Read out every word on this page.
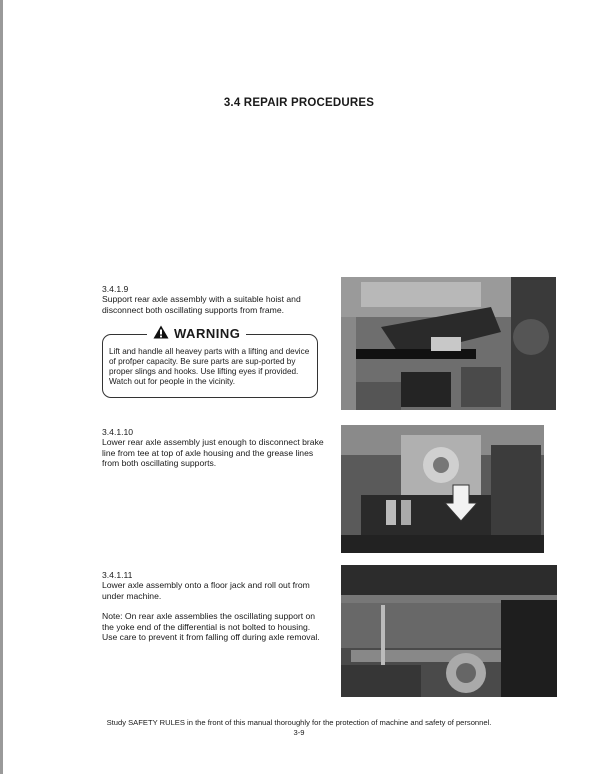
3.4 REPAIR PROCEDURES
3.4.1.9

Support rear axle assembly with a suitable hoist and disconnect both oscillating supports from frame.

WARNING
Lift and handle all heavey parts with a lifting and device of profper capacity. Be sure parts are sup-ported by proper slings and hooks. Use lifting eyes if provided. Watch out for people in the vicinity.
3.4.1.10

Lower rear axle assembly just enough to disconnect brake line from tee at top of axle housing and the grease lines from both oscillating supports.

3.4.1.11

Lower axle assembly onto a floor jack and roll out from under machine.

Note: On rear axle assemblies the oscillating support on the yoke end of the differential is not bolted to housing. Use care to prevent it from falling off during axle removal.

Study SAFETY RULES in the front of this manual thoroughly for the protection of machine and safety of personnel.
3-9
